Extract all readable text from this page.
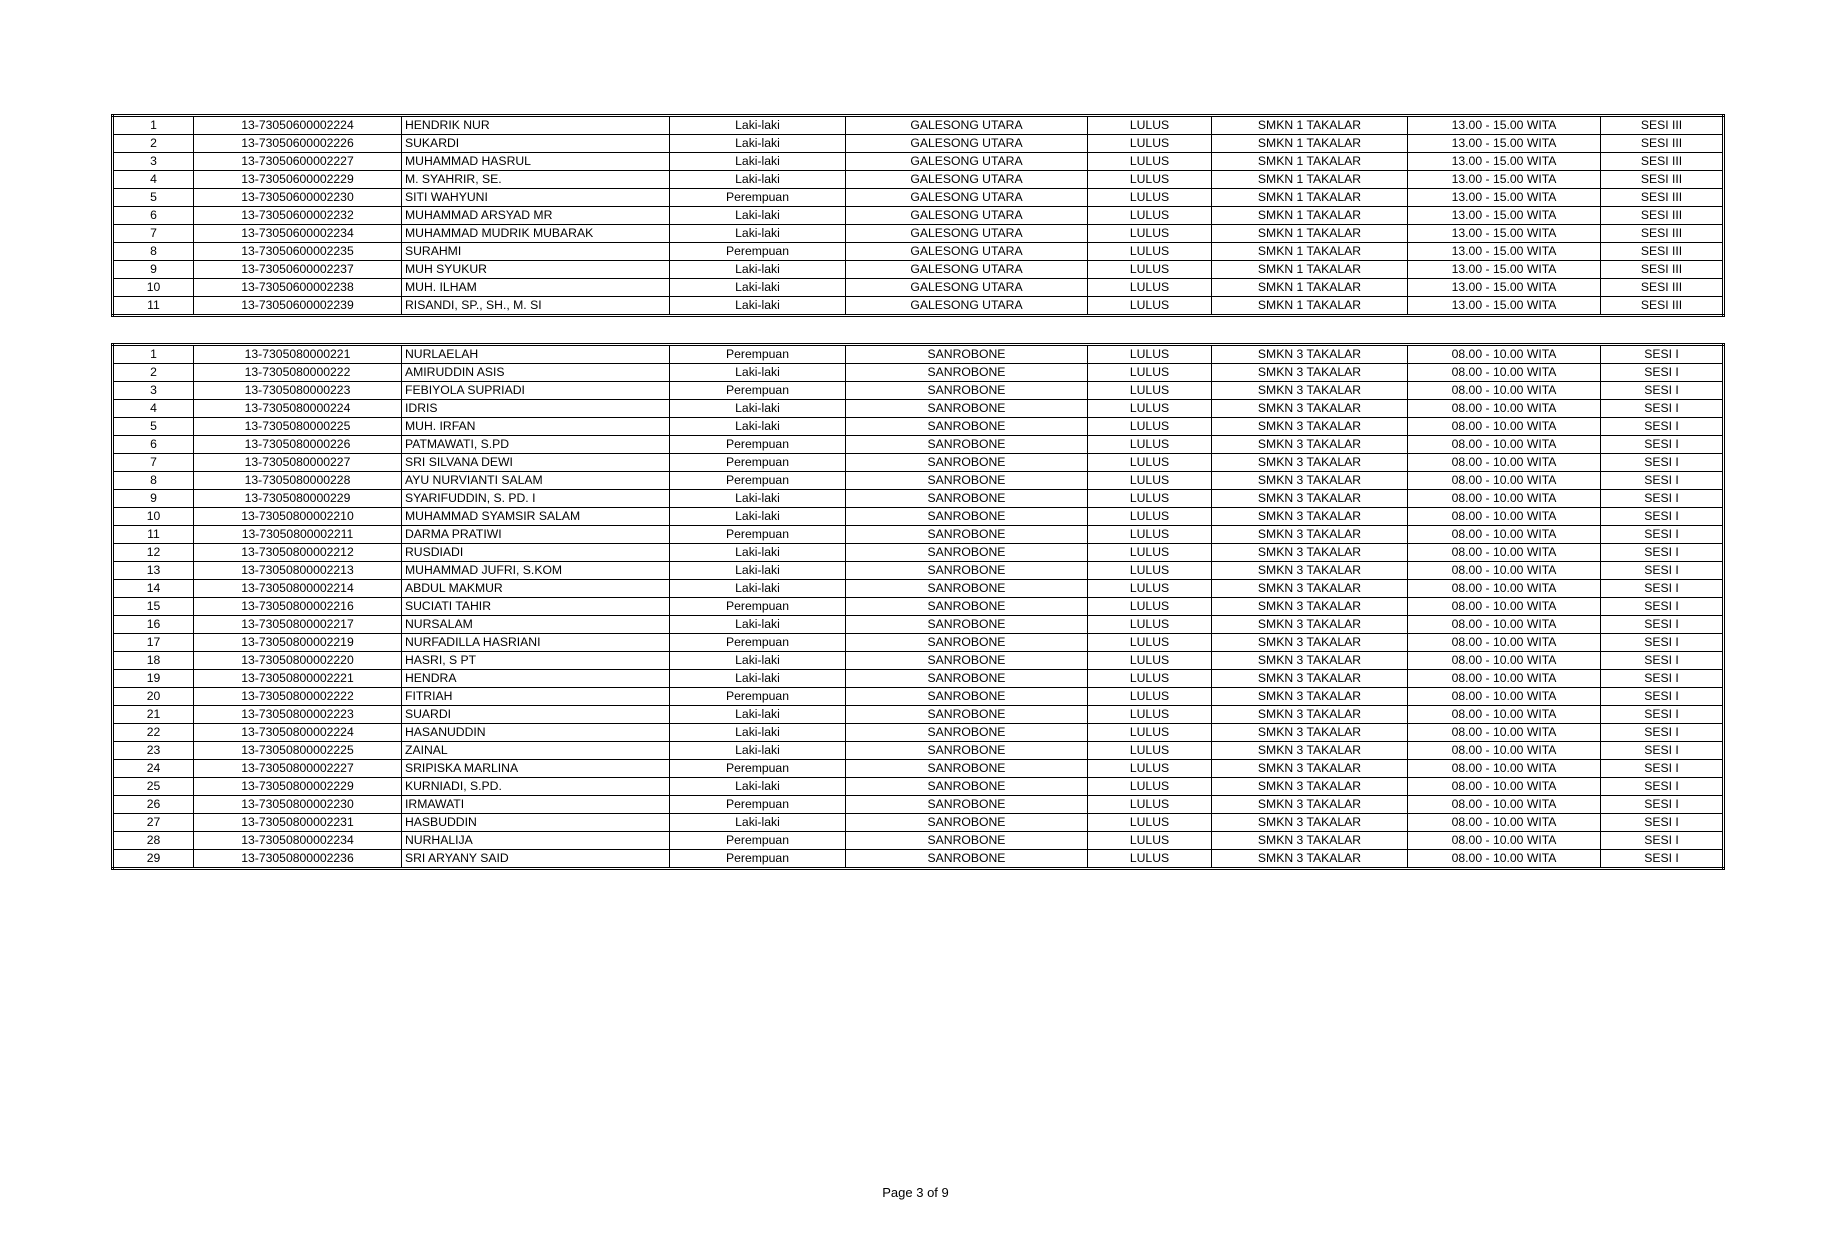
1	13-73050600002224	HENDRIK NUR	Laki-laki	GALESONG UTARA	LULUS	SMKN 1 TAKALAR	13.00 - 15.00 WITA	SESI III
2	13-73050600002226	SUKARDI	Laki-laki	GALESONG UTARA	LULUS	SMKN 1 TAKALAR	13.00 - 15.00 WITA	SESI III
3	13-73050600002227	MUHAMMAD HASRUL	Laki-laki	GALESONG UTARA	LULUS	SMKN 1 TAKALAR	13.00 - 15.00 WITA	SESI III
4	13-73050600002229	M. SYAHRIR, SE.	Laki-laki	GALESONG UTARA	LULUS	SMKN 1 TAKALAR	13.00 - 15.00 WITA	SESI III
5	13-73050600002230	SITI WAHYUNI	Perempuan	GALESONG UTARA	LULUS	SMKN 1 TAKALAR	13.00 - 15.00 WITA	SESI III
6	13-73050600002232	MUHAMMAD ARSYAD MR	Laki-laki	GALESONG UTARA	LULUS	SMKN 1 TAKALAR	13.00 - 15.00 WITA	SESI III
7	13-73050600002234	MUHAMMAD MUDRIK MUBARAK	Laki-laki	GALESONG UTARA	LULUS	SMKN 1 TAKALAR	13.00 - 15.00 WITA	SESI III
8	13-73050600002235	SURAHMI	Perempuan	GALESONG UTARA	LULUS	SMKN 1 TAKALAR	13.00 - 15.00 WITA	SESI III
9	13-73050600002237	MUH SYUKUR	Laki-laki	GALESONG UTARA	LULUS	SMKN 1 TAKALAR	13.00 - 15.00 WITA	SESI III
10	13-73050600002238	MUH. ILHAM	Laki-laki	GALESONG UTARA	LULUS	SMKN 1 TAKALAR	13.00 - 15.00 WITA	SESI III
11	13-73050600002239	RISANDI, SP., SH., M. SI	Laki-laki	GALESONG UTARA	LULUS	SMKN 1 TAKALAR	13.00 - 15.00 WITA	SESI III
1	13-7305080000221	NURLAELAH	Perempuan	SANROBONE	LULUS	SMKN 3 TAKALAR	08.00 - 10.00 WITA	SESI I
2	13-7305080000222	AMIRUDDIN ASIS	Laki-laki	SANROBONE	LULUS	SMKN 3 TAKALAR	08.00 - 10.00 WITA	SESI I
3	13-7305080000223	FEBIYOLA SUPRIADI	Perempuan	SANROBONE	LULUS	SMKN 3 TAKALAR	08.00 - 10.00 WITA	SESI I
4	13-7305080000224	IDRIS	Laki-laki	SANROBONE	LULUS	SMKN 3 TAKALAR	08.00 - 10.00 WITA	SESI I
5	13-7305080000225	MUH. IRFAN	Laki-laki	SANROBONE	LULUS	SMKN 3 TAKALAR	08.00 - 10.00 WITA	SESI I
6	13-7305080000226	PATMAWATI, S.PD	Perempuan	SANROBONE	LULUS	SMKN 3 TAKALAR	08.00 - 10.00 WITA	SESI I
7	13-7305080000227	SRI SILVANA DEWI	Perempuan	SANROBONE	LULUS	SMKN 3 TAKALAR	08.00 - 10.00 WITA	SESI I
8	13-7305080000228	AYU NURVIANTI SALAM	Perempuan	SANROBONE	LULUS	SMKN 3 TAKALAR	08.00 - 10.00 WITA	SESI I
9	13-7305080000229	SYARIFUDDIN, S. PD. I	Laki-laki	SANROBONE	LULUS	SMKN 3 TAKALAR	08.00 - 10.00 WITA	SESI I
10	13-73050800002210	MUHAMMAD SYAMSIR SALAM	Laki-laki	SANROBONE	LULUS	SMKN 3 TAKALAR	08.00 - 10.00 WITA	SESI I
11	13-73050800002211	DARMA PRATIWI	Perempuan	SANROBONE	LULUS	SMKN 3 TAKALAR	08.00 - 10.00 WITA	SESI I
12	13-73050800002212	RUSDIADI	Laki-laki	SANROBONE	LULUS	SMKN 3 TAKALAR	08.00 - 10.00 WITA	SESI I
13	13-73050800002213	MUHAMMAD JUFRI, S.KOM	Laki-laki	SANROBONE	LULUS	SMKN 3 TAKALAR	08.00 - 10.00 WITA	SESI I
14	13-73050800002214	ABDUL MAKMUR	Laki-laki	SANROBONE	LULUS	SMKN 3 TAKALAR	08.00 - 10.00 WITA	SESI I
15	13-73050800002216	SUCIATI TAHIR	Perempuan	SANROBONE	LULUS	SMKN 3 TAKALAR	08.00 - 10.00 WITA	SESI I
16	13-73050800002217	NURSALAM	Laki-laki	SANROBONE	LULUS	SMKN 3 TAKALAR	08.00 - 10.00 WITA	SESI I
17	13-73050800002219	NURFADILLA HASRIANI	Perempuan	SANROBONE	LULUS	SMKN 3 TAKALAR	08.00 - 10.00 WITA	SESI I
18	13-73050800002220	HASRI, S PT	Laki-laki	SANROBONE	LULUS	SMKN 3 TAKALAR	08.00 - 10.00 WITA	SESI I
19	13-73050800002221	HENDRA	Laki-laki	SANROBONE	LULUS	SMKN 3 TAKALAR	08.00 - 10.00 WITA	SESI I
20	13-73050800002222	FITRIAH	Perempuan	SANROBONE	LULUS	SMKN 3 TAKALAR	08.00 - 10.00 WITA	SESI I
21	13-73050800002223	SUARDI	Laki-laki	SANROBONE	LULUS	SMKN 3 TAKALAR	08.00 - 10.00 WITA	SESI I
22	13-73050800002224	HASANUDDIN	Laki-laki	SANROBONE	LULUS	SMKN 3 TAKALAR	08.00 - 10.00 WITA	SESI I
23	13-73050800002225	ZAINAL	Laki-laki	SANROBONE	LULUS	SMKN 3 TAKALAR	08.00 - 10.00 WITA	SESI I
24	13-73050800002227	SRIPISKA MARLINA	Perempuan	SANROBONE	LULUS	SMKN 3 TAKALAR	08.00 - 10.00 WITA	SESI I
25	13-73050800002229	KURNIADI, S.PD.	Laki-laki	SANROBONE	LULUS	SMKN 3 TAKALAR	08.00 - 10.00 WITA	SESI I
26	13-73050800002230	IRMAWATI	Perempuan	SANROBONE	LULUS	SMKN 3 TAKALAR	08.00 - 10.00 WITA	SESI I
27	13-73050800002231	HASBUDDIN	Laki-laki	SANROBONE	LULUS	SMKN 3 TAKALAR	08.00 - 10.00 WITA	SESI I
28	13-73050800002234	NURHALIJA	Perempuan	SANROBONE	LULUS	SMKN 3 TAKALAR	08.00 - 10.00 WITA	SESI I
29	13-73050800002236	SRI ARYANY SAID	Perempuan	SANROBONE	LULUS	SMKN 3 TAKALAR	08.00 - 10.00 WITA	SESI I
Page 3 of 9
